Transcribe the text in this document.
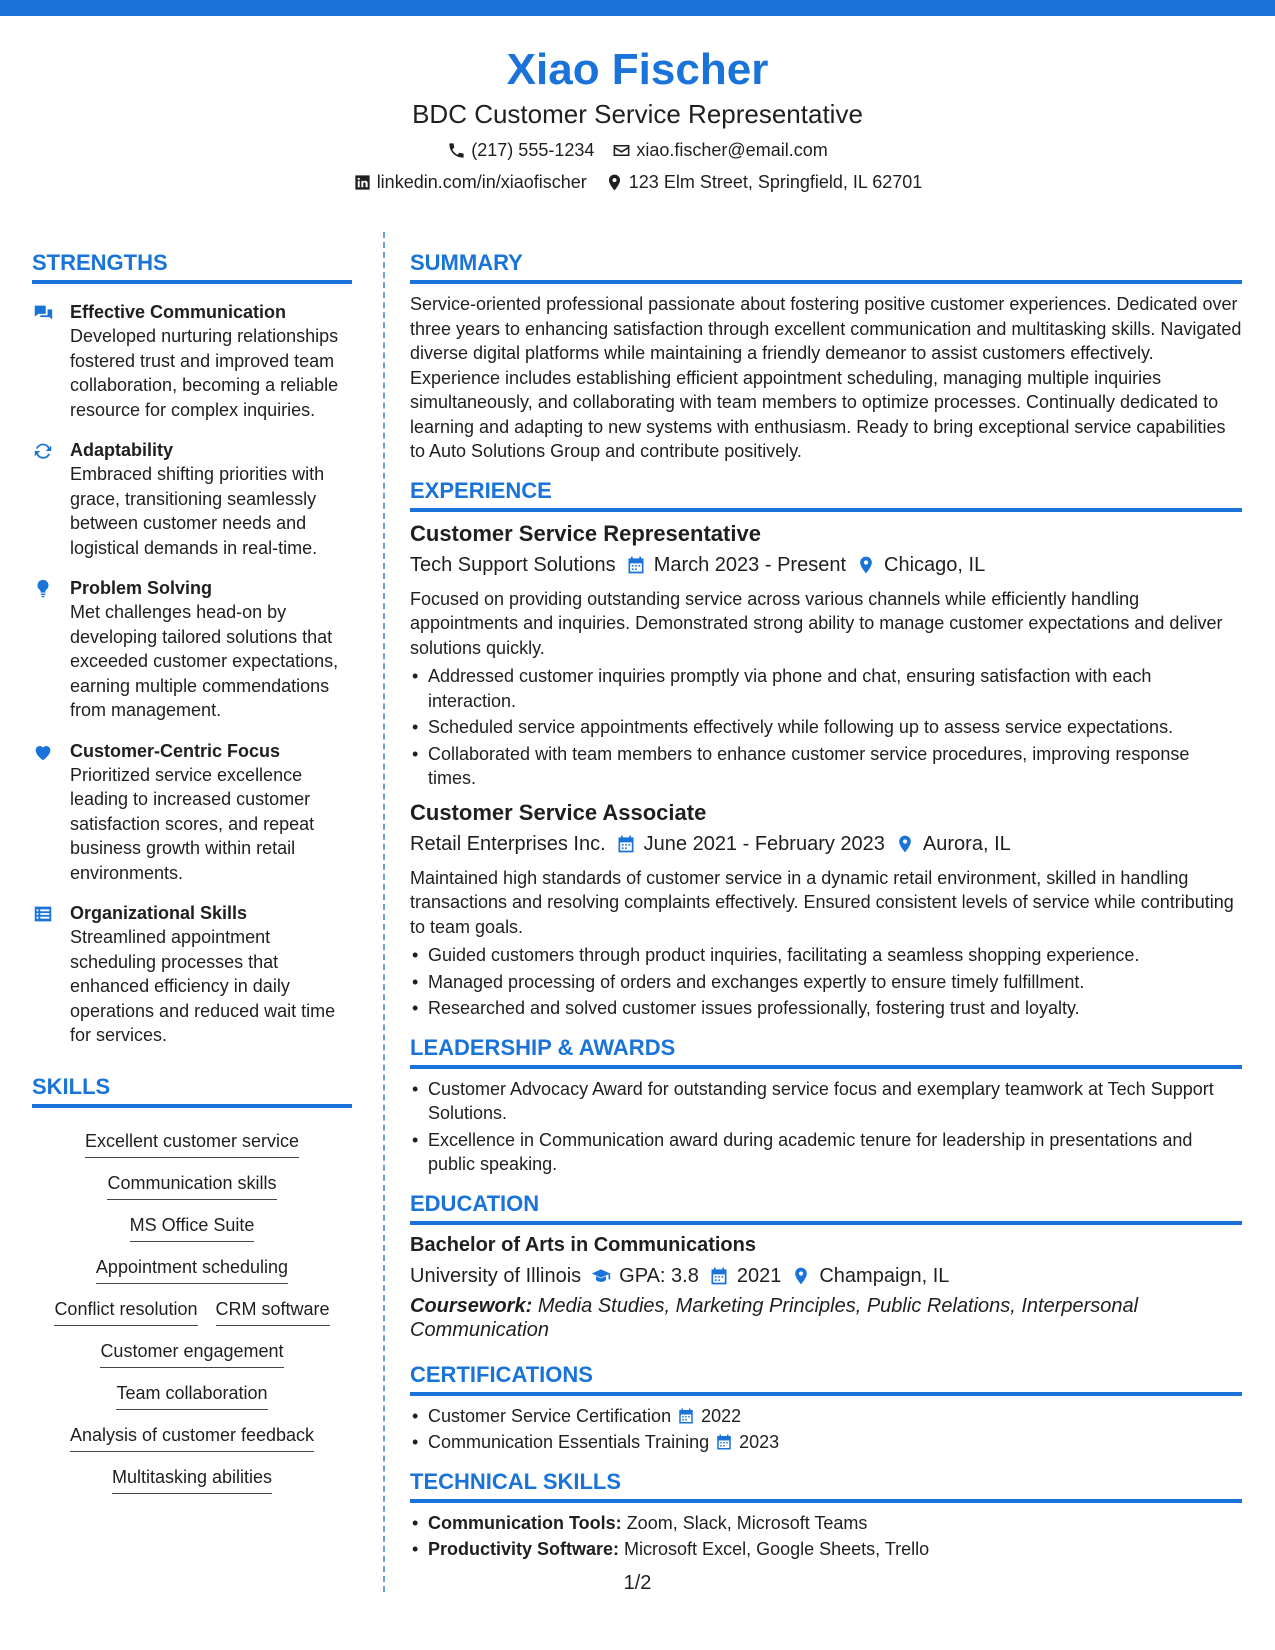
Xiao Fischer
BDC Customer Service Representative
(217) 555-1234 xiao.fischer@email.com
linkedin.com/in/xiaofischer 123 Elm Street, Springfield, IL 62701
STRENGTHS
Effective Communication
Developed nurturing relationships fostered trust and improved team collaboration, becoming a reliable resource for complex inquiries.
Adaptability
Embraced shifting priorities with grace, transitioning seamlessly between customer needs and logistical demands in real-time.
Problem Solving
Met challenges head-on by developing tailored solutions that exceeded customer expectations, earning multiple commendations from management.
Customer-Centric Focus
Prioritized service excellence leading to increased customer satisfaction scores, and repeat business growth within retail environments.
Organizational Skills
Streamlined appointment scheduling processes that enhanced efficiency in daily operations and reduced wait time for services.
SKILLS
Excellent customer service
Communication skills
MS Office Suite
Appointment scheduling
Conflict resolution CRM software
Customer engagement
Team collaboration
Analysis of customer feedback
Multitasking abilities
SUMMARY
Service-oriented professional passionate about fostering positive customer experiences. Dedicated over three years to enhancing satisfaction through excellent communication and multitasking skills. Navigated diverse digital platforms while maintaining a friendly demeanor to assist customers effectively. Experience includes establishing efficient appointment scheduling, managing multiple inquiries simultaneously, and collaborating with team members to optimize processes. Continually dedicated to learning and adapting to new systems with enthusiasm. Ready to bring exceptional service capabilities to Auto Solutions Group and contribute positively.
EXPERIENCE
Customer Service Representative
Tech Support Solutions March 2023 - Present Chicago, IL
Focused on providing outstanding service across various channels while efficiently handling appointments and inquiries. Demonstrated strong ability to manage customer expectations and deliver solutions quickly.
• Addressed customer inquiries promptly via phone and chat, ensuring satisfaction with each interaction.
• Scheduled service appointments effectively while following up to assess service expectations.
• Collaborated with team members to enhance customer service procedures, improving response times.
Customer Service Associate
Retail Enterprises Inc. June 2021 - February 2023 Aurora, IL
Maintained high standards of customer service in a dynamic retail environment, skilled in handling transactions and resolving complaints effectively. Ensured consistent levels of service while contributing to team goals.
• Guided customers through product inquiries, facilitating a seamless shopping experience.
• Managed processing of orders and exchanges expertly to ensure timely fulfillment.
• Researched and solved customer issues professionally, fostering trust and loyalty.
LEADERSHIP & AWARDS
• Customer Advocacy Award for outstanding service focus and exemplary teamwork at Tech Support Solutions.
• Excellence in Communication award during academic tenure for leadership in presentations and public speaking.
EDUCATION
Bachelor of Arts in Communications
University of Illinois GPA: 3.8 2021 Champaign, IL
Coursework: Media Studies, Marketing Principles, Public Relations, Interpersonal Communication
CERTIFICATIONS
• Customer Service Certification 2022
• Communication Essentials Training 2023
TECHNICAL SKILLS
• Communication Tools: Zoom, Slack, Microsoft Teams
• Productivity Software: Microsoft Excel, Google Sheets, Trello
1/2
